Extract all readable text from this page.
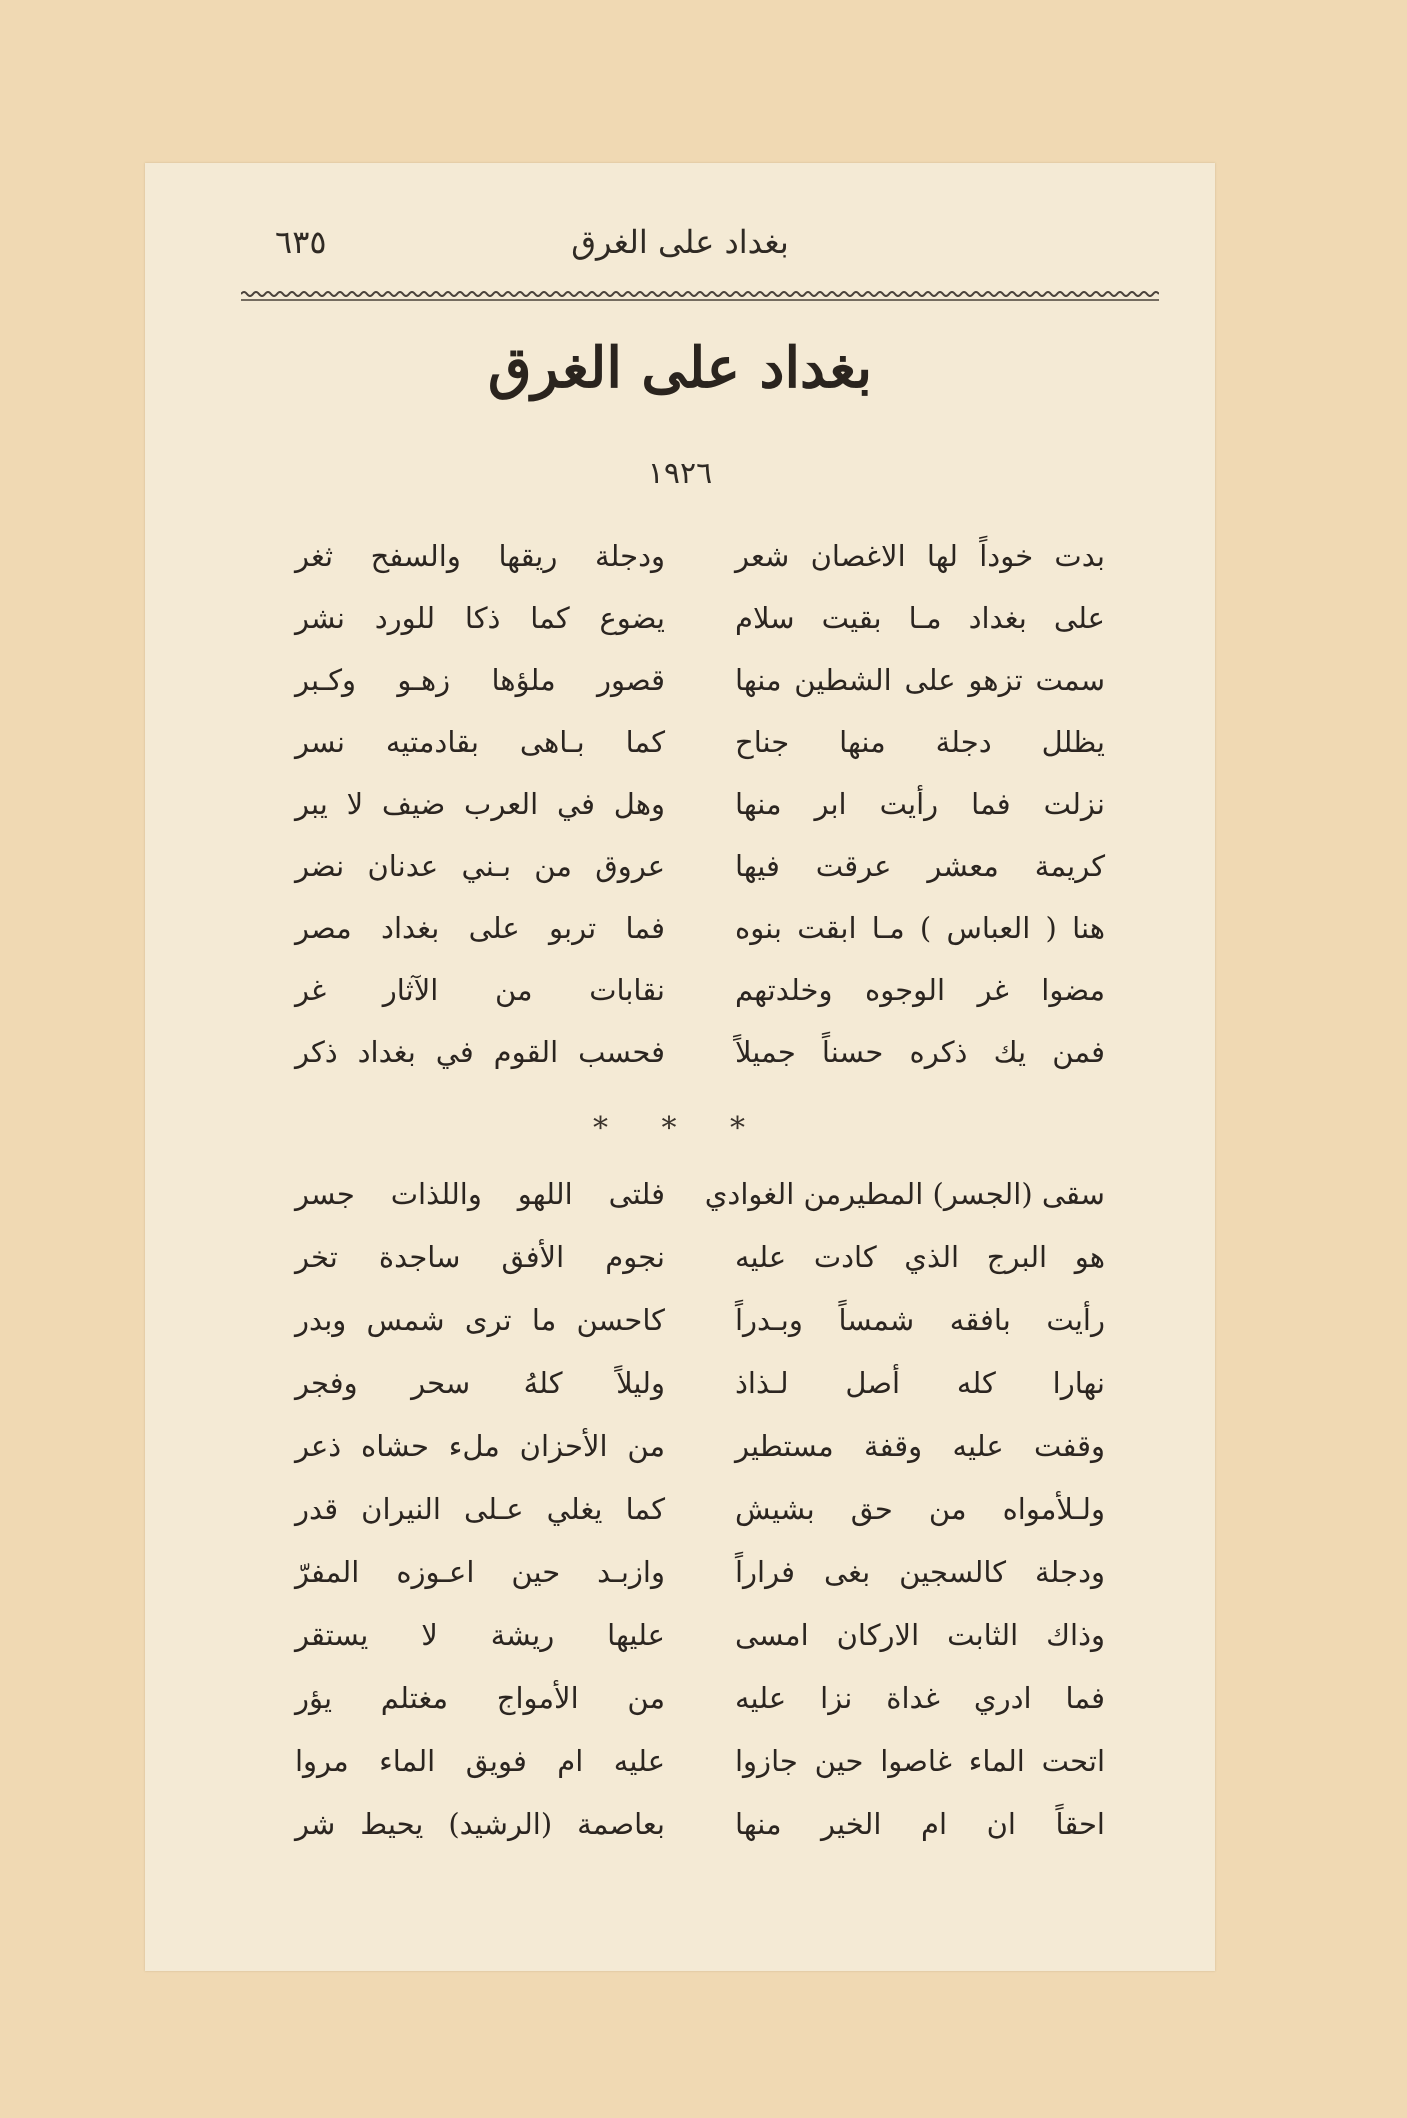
بغداد على الغرق
٦٣٥
بغداد على الغرق
١٩٢٦
بدت خوداً لها الاغصان شعر
ودجلة ريقها والسفح ثغر
على بغداد مـا بقيت سلام
يضوع كما ذكا للورد نشر
سمت تزهو على الشطين منها
قصور ملؤها زهـو وكـبر
يظلل دجلة منها جناح
كما بـاهى بقادمتيه نسر
نزلت فما رأيت ابر منها
وهل في العرب ضيف لا يبر
كريمة معشر عرقت فيها
عروق من بـني عدنان نضر
هنا ( العباس ) مـا ابقت بنوه
فما تربو على بغداد مصر
مضوا غر الوجوه وخلدتهم
نقابات من الآثار غر
فمن يك ذكره حسناً جميلاً
فحسب القوم في بغداد ذكر
* * *
سقى (الجسر) المطيرمن الغوادي
فلتى اللهو واللذات جسر
هو البرج الذي كادت عليه
نجوم الأفق ساجدة تخر
رأيت بافقه شمساً وبـدراً
كاحسن ما ترى شمس وبدر
نهارا كله أصل لـذاذ
وليلاً كلهُ سحر وفجر
وقفت عليه وقفة مستطير
من الأحزان ملء حشاه ذعر
ولـلأمواه من حق بشيش
كما يغلي عـلى النيران قدر
ودجلة كالسجين بغى فراراً
وازبـد حين اعـوزه المفرّ
وذاك الثابت الاركان امسى
عليها ريشة لا يستقر
فما ادري غداة نزا عليه
من الأمواج مغتلم يؤر
اتحت الماء غاصوا حين جازوا
عليه ام فويق الماء مروا
احقاً ان ام الخير منها
بعاصمة (الرشيد) يحيط شر
